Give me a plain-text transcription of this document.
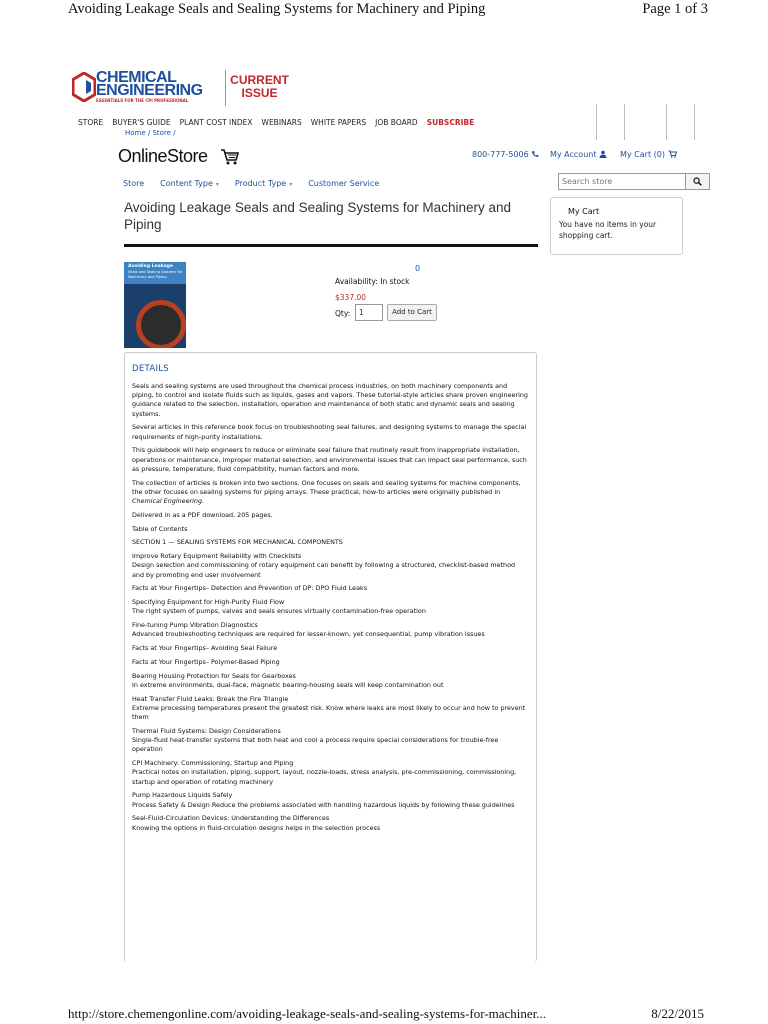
Avoiding Leakage Seals and Sealing Systems for Machinery and Piping	Page 1 of 3
CHEMICAL
ENGINEERING
ESSENTIALS FOR THE CPI PROFESSIONAL
CURRENT
ISSUE
STORE BUYER'S GUIDE PLANT COST INDEX WEBINARS WHITE PAPERS JOB BOARD SUBSCRIBE
Home / Store /
OnlineStore	800-777-5006	My Account	My Cart (0)
Store Content Type ▾ Product Type ▾ Customer Service
Search store
My Cart
You have no items in your shopping cart.
Avoiding Leakage Seals and Sealing Systems for Machinery and Piping
Avoiding Leakage
Seals and Sealing Systems for Machinery and Piping
0
Availability: In stock
$337.00
Qty:
1	Add to Cart
DETAILS

Seals and sealing systems are used throughout the chemical process industries, on both machinery components and piping, to control and isolate fluids such as liquids, gases and vapors. These tutorial-style articles share proven engineering guidance related to the selection, installation, operation and maintenance of both static and dynamic seals and sealing systems.

Several articles in this reference book focus on troubleshooting seal failures, and designing systems to manage the special requirements of high-purity installations.

This guidebook will help engineers to reduce or eliminate seal failure that routinely result from inappropriate installation, operations or maintenance, improper material selection, and environmental issues that can impact seal performance, such as pressure, temperature, fluid compatibility, human factors and more.

The collection of articles is broken into two sections. One focuses on seals and sealing systems for machine components, the other focuses on sealing systems for piping arrays. These practical, how-to articles were originally published in Chemical Engineering.

Delivered in as a PDF download, 205 pages.

Table of Contents

SECTION 1 — SEALING SYSTEMS FOR MECHANICAL COMPONENTS

Improve Rotary Equipment Reliability with Checklists
Design selection and commissioning of rotary equipment can benefit by following a structured, checklist-based method and by promoting end user involvement

Facts at Your Fingertips– Detection and Prevention of DP: DPO Fluid Leaks

Specifying Equipment for High-Purity Fluid Flow
The right system of pumps, valves and seals ensures virtually contamination-free operation

Fine-tuning Pump Vibration Diagnostics
Advanced troubleshooting techniques are required for lesser-known, yet consequential, pump vibration issues

Facts at Your Fingertips– Avoiding Seal Failure

Facts at Your Fingertips– Polymer-Based Piping

Bearing Housing Protection for Seals for Gearboxes
In extreme environments, dual-face, magnetic bearing-housing seals will keep contamination out

Heat Transfer Fluid Leaks: Break the Fire Triangle
Extreme processing temperatures present the greatest risk. Know where leaks are most likely to occur and how to prevent them

Thermal Fluid Systems: Design Considerations
Single-fluid heat-transfer systems that both heat and cool a process require special considerations for trouble-free operation

CPI Machinery: Commissioning, Startup and Piping
Practical notes on installation, piping, support, layout, nozzle-loads, stress analysis, pre-commissioning, commissioning, startup and operation of rotating machinery

Pump Hazardous Liquids Safely
Process Safety & Design Reduce the problems associated with handling hazardous liquids by following these guidelines

Seal-Fluid-Circulation Devices: Understanding the Differences
Knowing the options in fluid-circulation designs helps in the selection process

http://store.chemengonline.com/avoiding-leakage-seals-and-sealing-systems-for-machiner...	8/22/2015
